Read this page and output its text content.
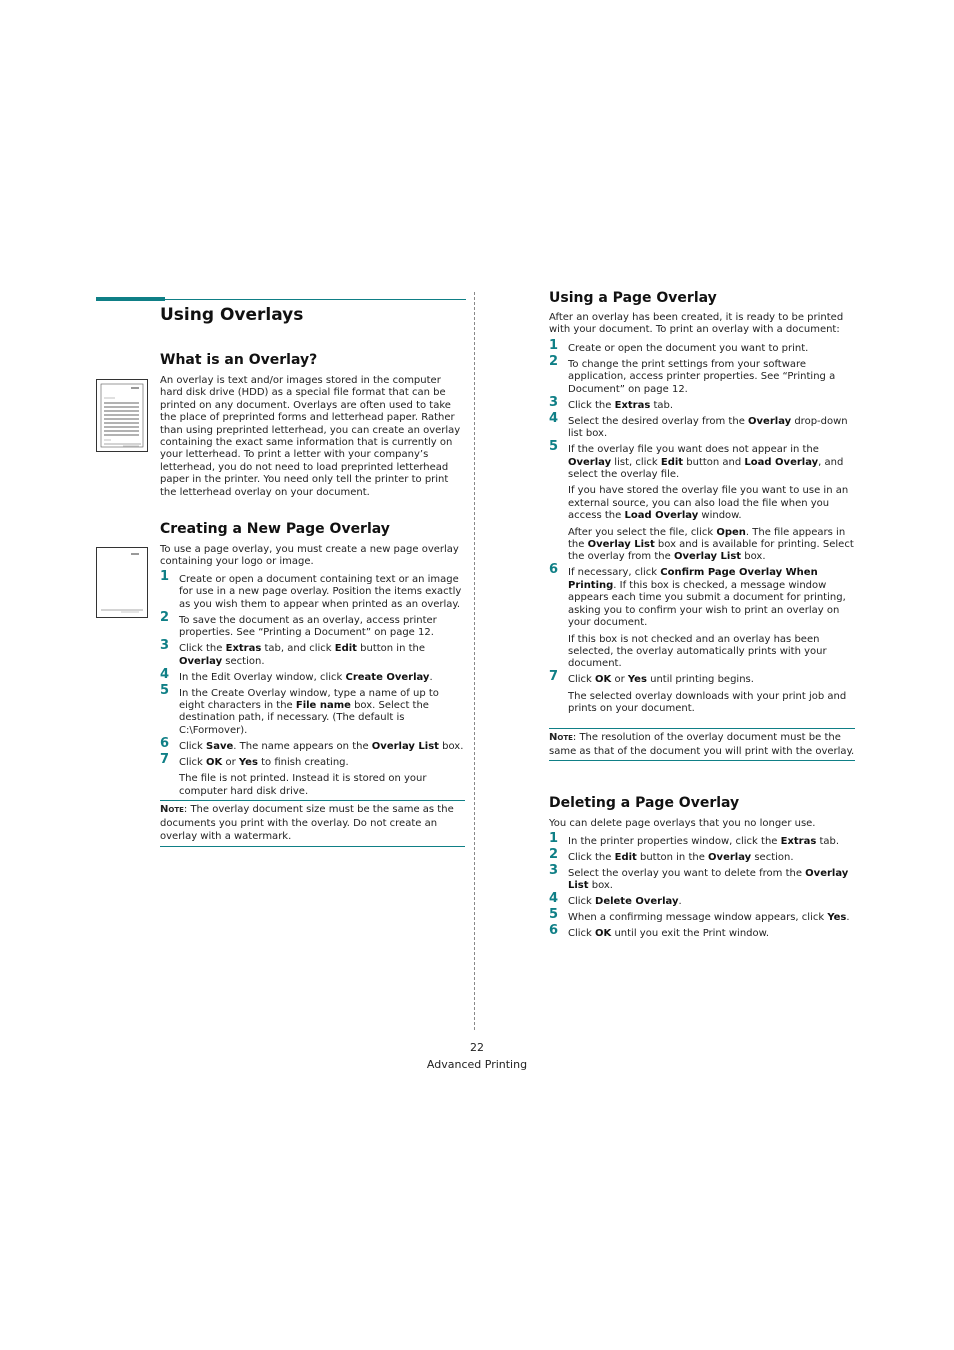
Using Overlays
What is an Overlay?

An overlay is text and/or images stored in the computer hard disk drive (HDD) as a special file format that can be printed on any document. Overlays are often used to take the place of preprinted forms and letterhead paper. Rather than using preprinted letterhead, you can create an overlay containing the exact same information that is currently on your letterhead. To print a letter with your company’s letterhead, you do not need to load preprinted letterhead paper in the printer. You need only tell the printer to print the letterhead overlay on your document.

Creating a New Page Overlay

To use a page overlay, you must create a new page overlay containing your logo or image.

1 Create or open a document containing text or an image for use in a new page overlay. Position the items exactly as you wish them to appear when printed as an overlay.
2 To save the document as an overlay, access printer properties. See “Printing a Document” on page 12.
3 Click the Extras tab, and click Edit button in the Overlay section.
4 In the Edit Overlay window, click Create Overlay.
5 In the Create Overlay window, type a name of up to eight characters in the File name box. Select the destination path, if necessary. (The default is C:\Formover).
6 Click Save. The name appears on the Overlay List box.
7 Click OK or Yes to finish creating.
The file is not printed. Instead it is stored on your computer hard disk drive.
Note: The overlay document size must be the same as the documents you print with the overlay. Do not create an overlay with a watermark.
Using a Page Overlay

After an overlay has been created, it is ready to be printed with your document. To print an overlay with a document:

1 Create or open the document you want to print.
2 To change the print settings from your software application, access printer properties. See “Printing a Document” on page 12.
3 Click the Extras tab.
4 Select the desired overlay from the Overlay drop-down list box.
5 If the overlay file you want does not appear in the Overlay list, click Edit button and Load Overlay, and select the overlay file.
If you have stored the overlay file you want to use in an external source, you can also load the file when you access the Load Overlay window.
After you select the file, click Open. The file appears in the Overlay List box and is available for printing. Select the overlay from the Overlay List box.
6 If necessary, click Confirm Page Overlay When Printing. If this box is checked, a message window appears each time you submit a document for printing, asking you to confirm your wish to print an overlay on your document.
If this box is not checked and an overlay has been selected, the overlay automatically prints with your document.
7 Click OK or Yes until printing begins.
The selected overlay downloads with your print job and prints on your document.
Note: The resolution of the overlay document must be the same as that of the document you will print with the overlay.
Deleting a Page Overlay

You can delete page overlays that you no longer use.

1 In the printer properties window, click the Extras tab.
2 Click the Edit button in the Overlay section.
3 Select the overlay you want to delete from the Overlay List box.
4 Click Delete Overlay.
5 When a confirming message window appears, click Yes.
6 Click OK until you exit the Print window.
22
Advanced Printing
